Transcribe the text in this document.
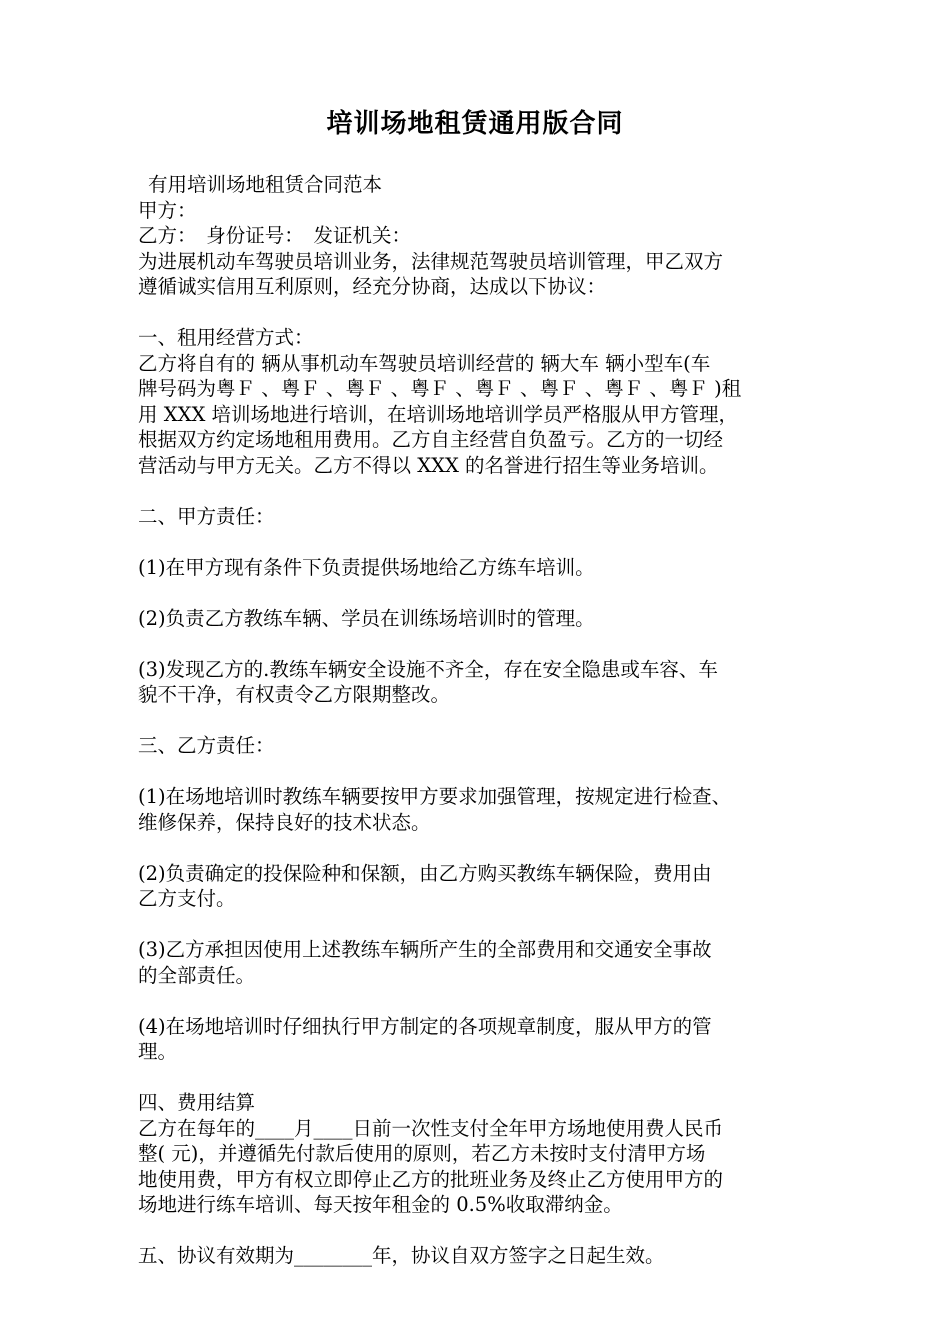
培训场地租赁通用版合同
有用培训场地租赁合同范本
甲方：
乙方：　身份证号：　发证机关：
为进展机动车驾驶员培训业务，法律规范驾驶员培训管理，甲乙双方
遵循诚实信用互利原则，经充分协商，达成以下协议：
一、租用经营方式：
乙方将自有的 辆从事机动车驾驶员培训经营的 辆大车 辆小型车(车
牌号码为粤Ｆ 、粤Ｆ 、粤Ｆ 、粤Ｆ 、粤Ｆ 、粤Ｆ 、粤Ｆ 、粤Ｆ )租
用 XXX 培训场地进行培训，在培训场地培训学员严格服从甲方管理，
根据双方约定场地租用费用。乙方自主经营自负盈亏。乙方的一切经
营活动与甲方无关。乙方不得以 XXX 的名誉进行招生等业务培训。
二、甲方责任：
(1)在甲方现有条件下负责提供场地给乙方练车培训。
(2)负责乙方教练车辆、学员在训练场培训时的管理。
(3)发现乙方的.教练车辆安全设施不齐全，存在安全隐患或车容、车
貌不干净，有权责令乙方限期整改。
三、乙方责任：
(1)在场地培训时教练车辆要按甲方要求加强管理，按规定进行检查、
维修保养，保持良好的技术状态。
(2)负责确定的投保险种和保额，由乙方购买教练车辆保险，费用由
乙方支付。
(3)乙方承担因使用上述教练车辆所产生的全部费用和交通安全事故
的全部责任。
(4)在场地培训时仔细执行甲方制定的各项规章制度，服从甲方的管
理。
四、费用结算
乙方在每年的____月____日前一次性支付全年甲方场地使用费人民币
整( 元)，并遵循先付款后使用的原则，若乙方未按时支付清甲方场
地使用费，甲方有权立即停止乙方的批班业务及终止乙方使用甲方的
场地进行练车培训、每天按年租金的 0.5%收取滞纳金。
五、协议有效期为________年，协议自双方签字之日起生效。
